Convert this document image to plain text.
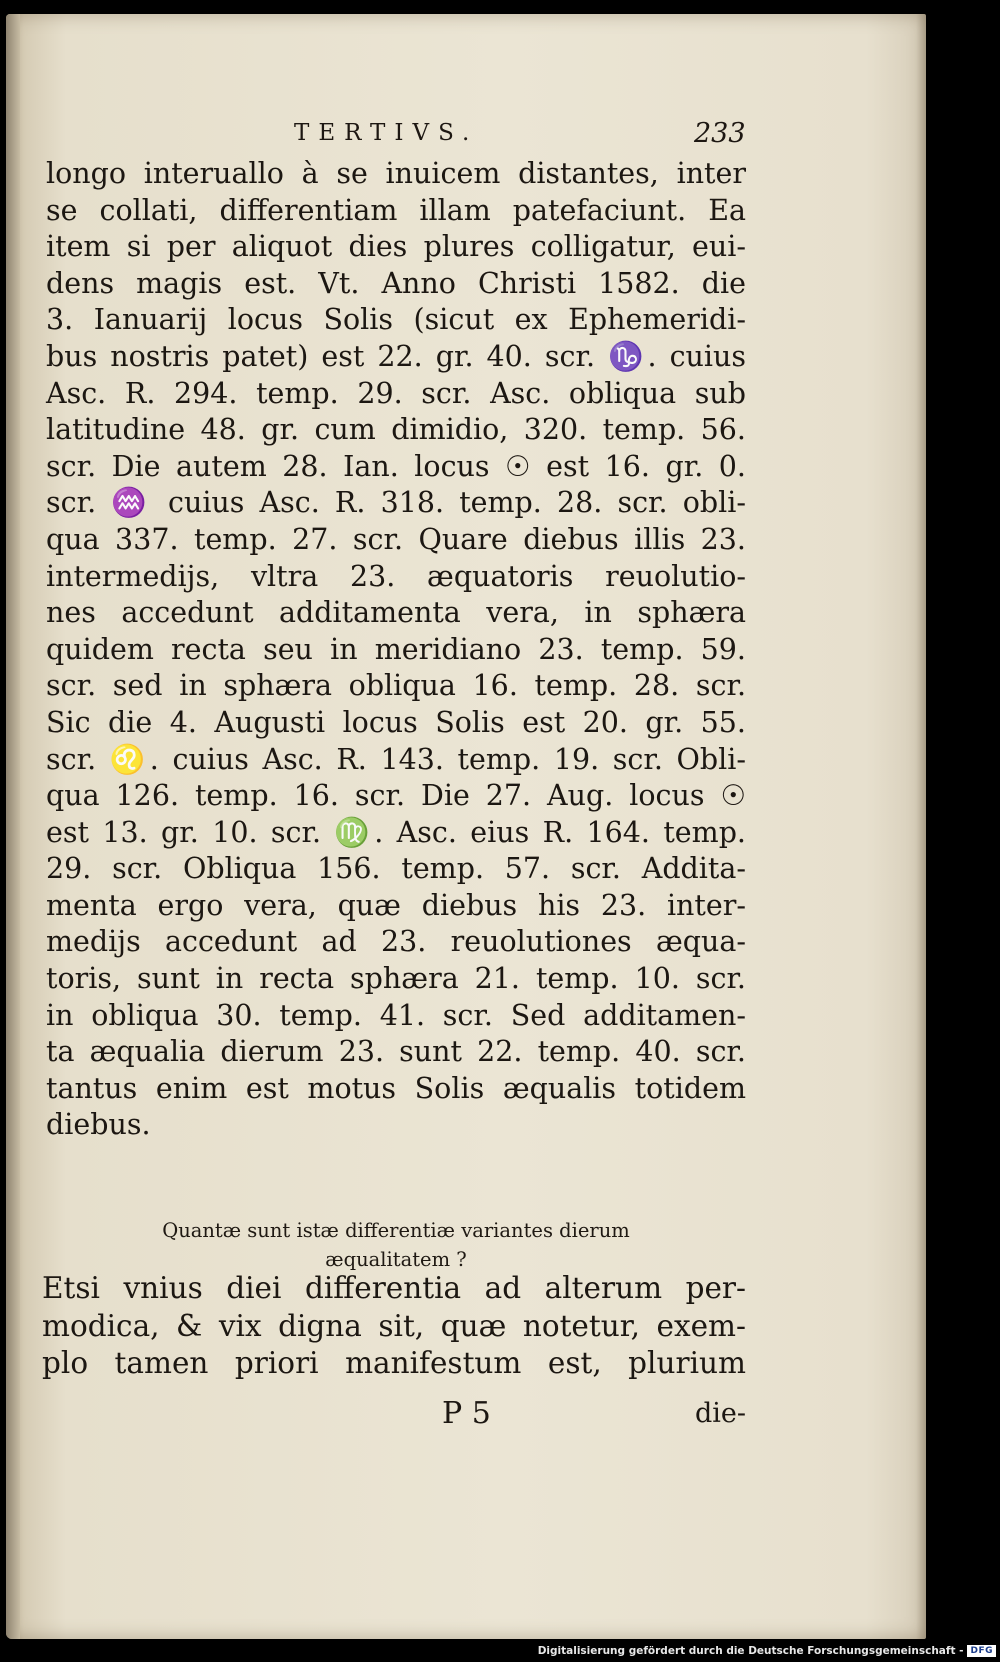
TERTIVS.	233
longo interuallo à se inuicem distantes, inter
se collati, differentiam illam patefaciunt. Ea
item si per aliquot dies plures colligatur, eui-
dens magis est. Vt. Anno Christi 1582. die
3. Ianuarij locus Solis (sicut ex Ephemeridi-
bus nostris patet) est 22. gr. 40. scr. ♑. cuius
Asc. R. 294. temp. 29. scr. Asc. obliqua sub
latitudine 48. gr. cum dimidio, 320. temp. 56.
scr. Die autem 28. Ian. locus ☉ est 16. gr. 0.
scr. ♒ cuius Asc. R. 318. temp. 28. scr. obli-
qua 337. temp. 27. scr. Quare diebus illis 23.
intermedijs, vltra 23. æquatoris reuolutio-
nes accedunt additamenta vera, in sphæra
quidem recta seu in meridiano 23. temp. 59.
scr. sed in sphæra obliqua 16. temp. 28. scr.
Sic die 4. Augusti locus Solis est 20. gr. 55.
scr. ♌. cuius Asc. R. 143. temp. 19. scr. Obli-
qua 126. temp. 16. scr. Die 27. Aug. locus ☉
est 13. gr. 10. scr. ♍. Asc. eius R. 164. temp.
29. scr. Obliqua 156. temp. 57. scr. Addita-
menta ergo vera, quæ diebus his 23. inter-
medijs accedunt ad 23. reuolutiones æqua-
toris, sunt in recta sphæra 21. temp. 10. scr.
in obliqua 30. temp. 41. scr. Sed additamen-
ta æqualia dierum 23. sunt 22. temp. 40. scr.
tantus enim est motus Solis æqualis totidem
diebus.
Quantæ sunt istæ differentiæ variantes dierum
æqualitatem ?
Etsi vnius diei differentia ad alterum per-
modica, & vix digna sit, quæ notetur, exem-
plo tamen priori manifestum est, plurium
P 5	die-
Digitalisierung gefördert durch die Deutsche Forschungsgemeinschaft - DFG
